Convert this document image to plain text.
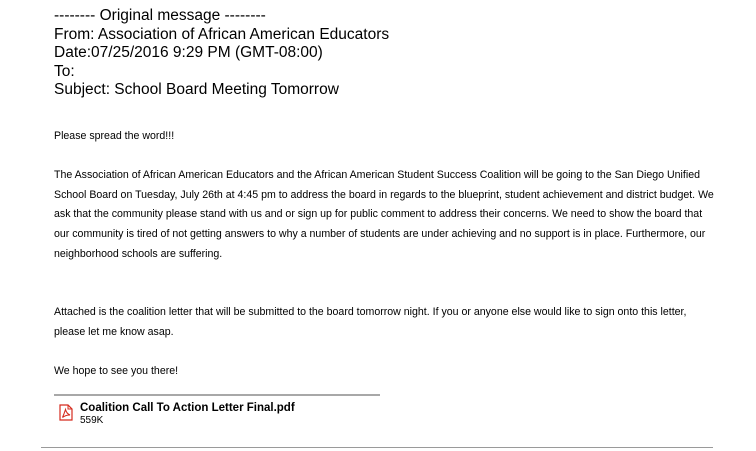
-------- Original message --------
From: Association of African American Educators
Date:07/25/2016 9:29 PM (GMT-08:00)
To:
Subject: School Board Meeting Tomorrow

Please spread the word!!!

The Association of African American Educators and the African American Student Success Coalition will be going to the San Diego Unified School Board on Tuesday, July 26th at 4:45 pm to address the board in regards to the blueprint, student achievement and district budget. We ask that the community please stand with us and or sign up for public comment to address their concerns. We need to show the board that our community is tired of not getting answers to why a number of students are under achieving and no support is in place. Furthermore, our neighborhood schools are suffering.

Attached is the coalition letter that will be submitted to the board tomorrow night. If you or anyone else would like to sign onto this letter, please let me know asap.

We hope to see you there!

Coalition Call To Action Letter Final.pdf
559K
